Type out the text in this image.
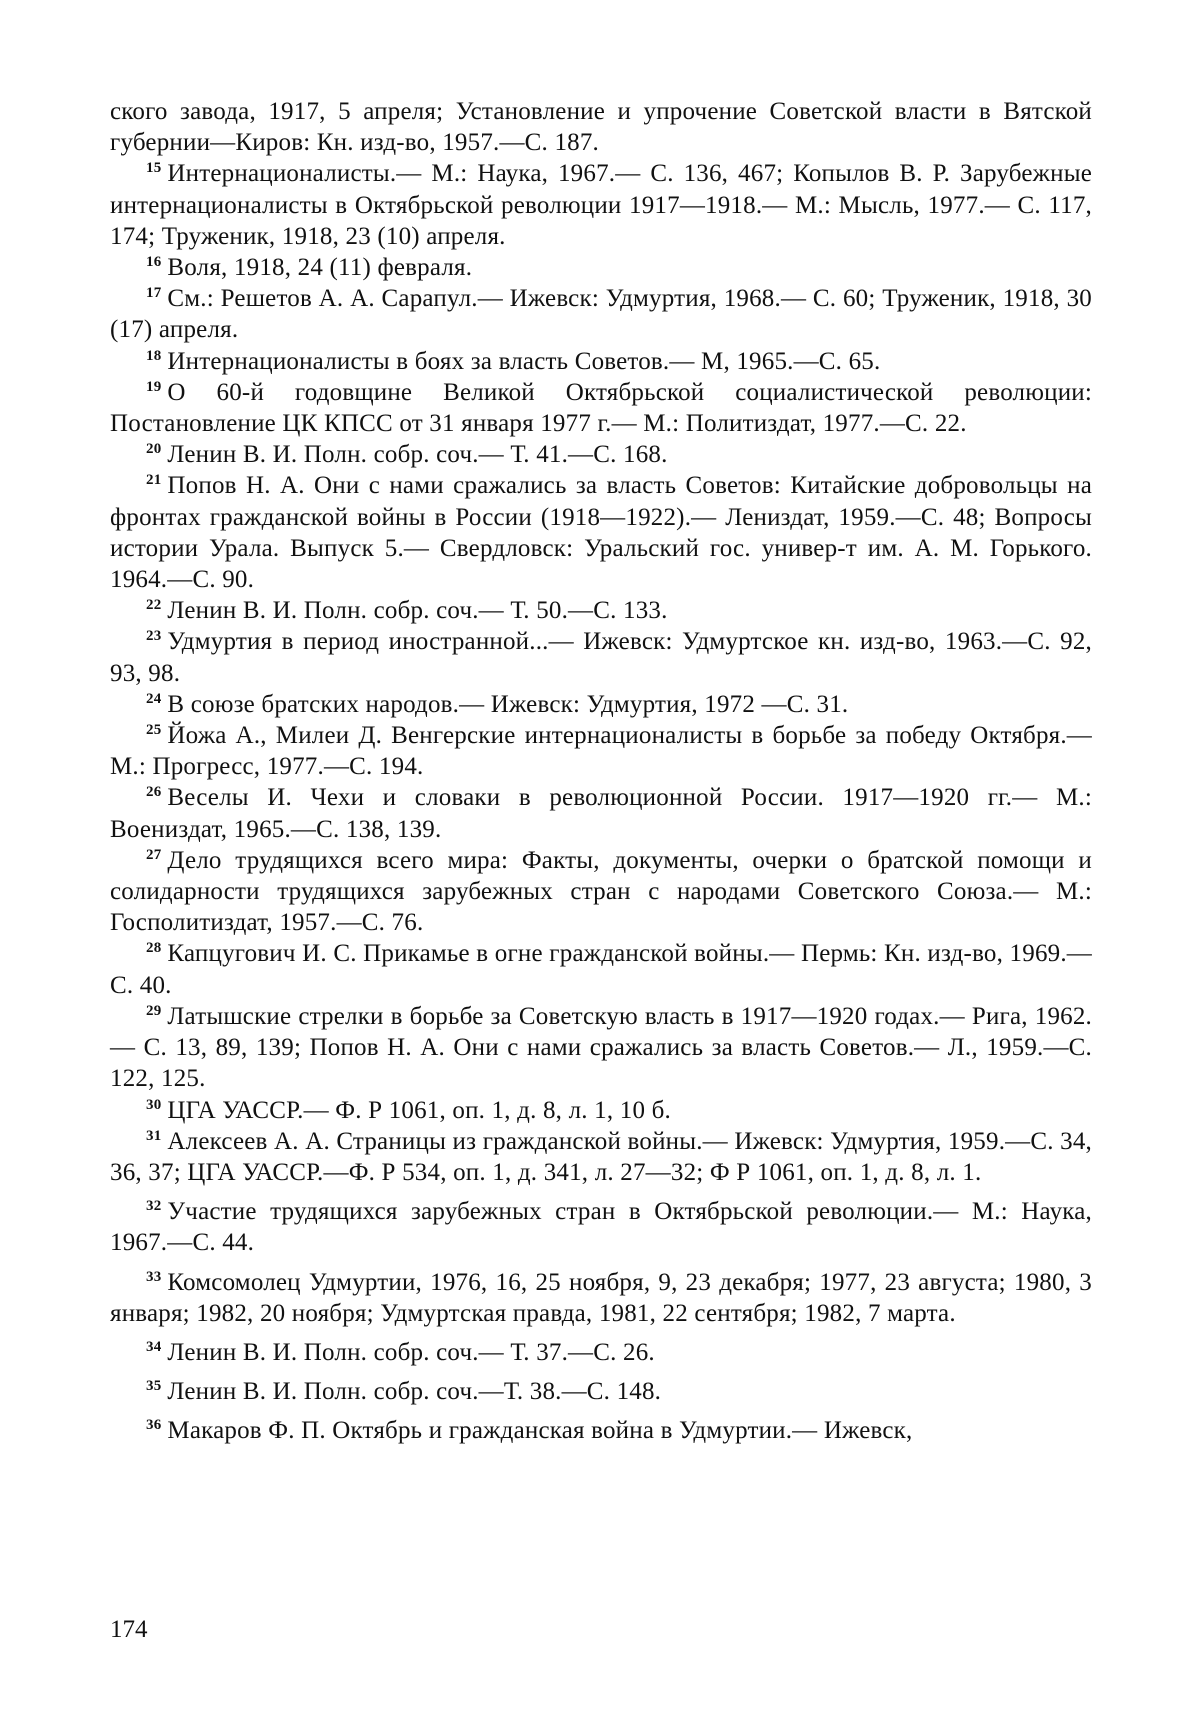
ского завода, 1917, 5 апреля; Установление и упрочение Советской власти в Вятской губернии—Киров: Кн. изд-во, 1957.—С. 187.

$^{15}$ Интернационалисты.— М.: Наука, 1967.— С. 136, 467; Копылов В. Р. Зарубежные интернационалисты в Октябрьской революции 1917—1918.— М.: Мысль, 1977.— С. 117, 174; Труженик, 1918, 23 (10) апреля.

$^{16}$ Воля, 1918, 24 (11) февраля.

$^{17}$ См.: Решетов А. А. Сарапул.— Ижевск: Удмуртия, 1968.— С. 60; Труженик, 1918, 30 (17) апреля.

$^{18}$ Интернационалисты в боях за власть Советов.— М, 1965.—С. 65.

$^{19}$ О 60-й годовщине Великой Октябрьской социалистической революции: Постановление ЦК КПСС от 31 января 1977 г.— М.: Политиздат, 1977.—С. 22.

$^{20}$ Ленин В. И. Полн. собр. соч.— Т. 41.—С. 168.

$^{21}$ Попов Н. А. Они с нами сражались за власть Советов: Китайские добровольцы на фронтах гражданской войны в России (1918—1922).— Лениздат, 1959.—С. 48; Вопросы истории Урала. Выпуск 5.— Свердловск: Уральский гос. универ-т им. А. М. Горького. 1964.—С. 90.

$^{22}$ Ленин В. И. Полн. собр. соч.— Т. 50.—С. 133.

$^{23}$ Удмуртия в период иностранной...— Ижевск: Удмуртское кн. изд-во, 1963.—С. 92, 93, 98.

$^{24}$ В союзе братских народов.— Ижевск: Удмуртия, 1972 —С. 31.

$^{25}$ Йожа А., Милеи Д. Венгерские интернационалисты в борьбе за победу Октября.— М.: Прогресс, 1977.—С. 194.

$^{26}$ Веселы И. Чехи и словаки в революционной России. 1917—1920 гг.— М.: Воениздат, 1965.—С. 138, 139.

$^{27}$ Дело трудящихся всего мира: Факты, документы, очерки о братской помощи и солидарности трудящихся зарубежных стран с народами Советского Союза.— М.: Госполитиздат, 1957.—С. 76.

$^{28}$ Капцугович И. С. Прикамье в огне гражданской войны.— Пермь: Кн. изд-во, 1969.—С. 40.

$^{29}$ Латышские стрелки в борьбе за Советскую власть в 1917—1920 годах.— Рига, 1962.— С. 13, 89, 139; Попов Н. А. Они с нами сражались за власть Советов.— Л., 1959.—С. 122, 125.

$^{30}$ ЦГА УАССР.— Ф. Р 1061, оп. 1, д. 8, л. 1, 10 б.

$^{31}$ Алексеев А. А. Страницы из гражданской войны.— Ижевск: Удмуртия, 1959.—С. 34, 36, 37; ЦГА УАССР.—Ф. Р 534, оп. 1, д. 341, л. 27—32; Ф Р 1061, оп. 1, д. 8, л. 1.

$^{32}$ Участие трудящихся зарубежных стран в Октябрьской революции.— М.: Наука, 1967.—С. 44.

$^{33}$ Комсомолец Удмуртии, 1976, 16, 25 ноября, 9, 23 декабря; 1977, 23 августа; 1980, 3 января; 1982, 20 ноября; Удмуртская правда, 1981, 22 сентября; 1982, 7 марта.

$^{34}$ Ленин В. И. Полн. собр. соч.— Т. 37.—С. 26.

$^{35}$ Ленин В. И. Полн. собр. соч.—Т. 38.—С. 148.

$^{36}$ Макаров Ф. П. Октябрь и гражданская война в Удмуртии.— Ижевск,

174
